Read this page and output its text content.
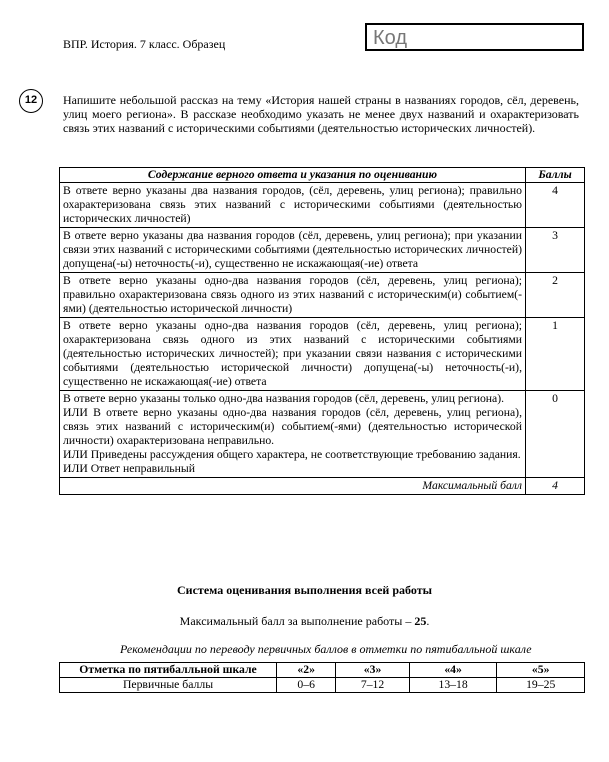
ВПР. История. 7 класс. Образец	Код
12	Напишите небольшой рассказ на тему «История нашей страны в названиях городов, сёл, деревень, улиц моего региона». В рассказе необходимо указать не менее двух названий и охарактеризовать связь этих названий с историческими событиями (деятельностью исторических личностей).
Содержание верного ответа и указания по оцениванию	Баллы
В ответе верно указаны два названия городов, (сёл, деревень, улиц региона); правильно охарактеризована связь этих названий с историческими событиями (деятельностью исторических личностей)	4
В ответе верно указаны два названия городов (сёл, деревень, улиц региона); при указании связи этих названий с историческими событиями (деятельностью исторических личностей) допущена(-ы) неточность(-и), существенно не искажающая(-ие) ответа	3
В ответе верно указаны одно-два названия городов (сёл, деревень, улиц региона); правильно охарактеризована связь одного из этих названий с историческим(и) событием(-ями) (деятельностью исторической личности)	2
В ответе верно указаны одно-два названия городов (сёл, деревень, улиц региона); охарактеризована связь одного из этих названий с историческими событиями (деятельностью исторических личностей); при указании связи названия с историческими событиями (деятельностью исторической личности) допущена(-ы) неточность(-и), существенно не искажающая(-ие) ответа	1

В ответе верно указаны только одно-два названия городов (сёл, деревень, улиц региона).
ИЛИ В ответе верно указаны одно-два названия городов (сёл, деревень, улиц региона), связь этих названий с историческим(и) событием(-ями) (деятельностью исторической личности) охарактеризована неправильно.
ИЛИ Приведены рассуждения общего характера, не соответствующие требованию задания.
ИЛИ Ответ неправильный	0
Максимальный балл	4
Система оценивания выполнения всей работы
Максимальный балл за выполнение работы – 25.
Рекомендации по переводу первичных баллов в отметки по пятибалльной шкале
Отметка по пятибалльной шкале	«2»	«3»	«4»	«5»
Первичные баллы	0–6	7–12	13–18	19–25
